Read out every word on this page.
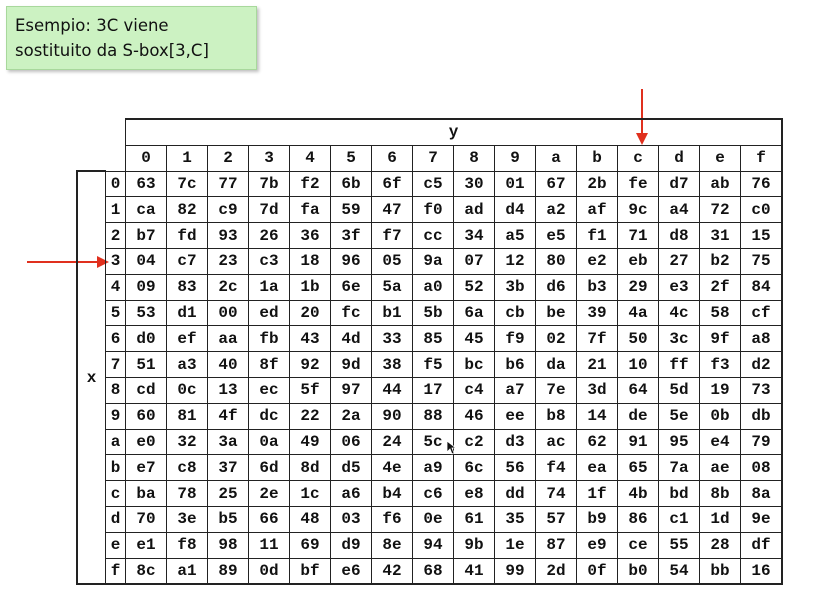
Esempio: 3C viene
sostituito da S-box[3,C]
		y															
		0	1	2	3	4	5	6	7	8	9	a	b	c	d	e	f
x	0	63	7c	77	7b	f2	6b	6f	c5	30	01	67	2b	fe	d7	ab	76
	1	ca	82	c9	7d	fa	59	47	f0	ad	d4	a2	af	9c	a4	72	c0
	2	b7	fd	93	26	36	3f	f7	cc	34	a5	e5	f1	71	d8	31	15
	3	04	c7	23	c3	18	96	05	9a	07	12	80	e2	eb	27	b2	75
	4	09	83	2c	1a	1b	6e	5a	a0	52	3b	d6	b3	29	e3	2f	84
	5	53	d1	00	ed	20	fc	b1	5b	6a	cb	be	39	4a	4c	58	cf
	6	d0	ef	aa	fb	43	4d	33	85	45	f9	02	7f	50	3c	9f	a8
	7	51	a3	40	8f	92	9d	38	f5	bc	b6	da	21	10	ff	f3	d2
	8	cd	0c	13	ec	5f	97	44	17	c4	a7	7e	3d	64	5d	19	73
	9	60	81	4f	dc	22	2a	90	88	46	ee	b8	14	de	5e	0b	db
	a	e0	32	3a	0a	49	06	24	5c	c2	d3	ac	62	91	95	e4	79
	b	e7	c8	37	6d	8d	d5	4e	a9	6c	56	f4	ea	65	7a	ae	08
	c	ba	78	25	2e	1c	a6	b4	c6	e8	dd	74	1f	4b	bd	8b	8a
	d	70	3e	b5	66	48	03	f6	0e	61	35	57	b9	86	c1	1d	9e
	e	e1	f8	98	11	69	d9	8e	94	9b	1e	87	e9	ce	55	28	df
	f	8c	a1	89	0d	bf	e6	42	68	41	99	2d	0f	b0	54	bb	16
